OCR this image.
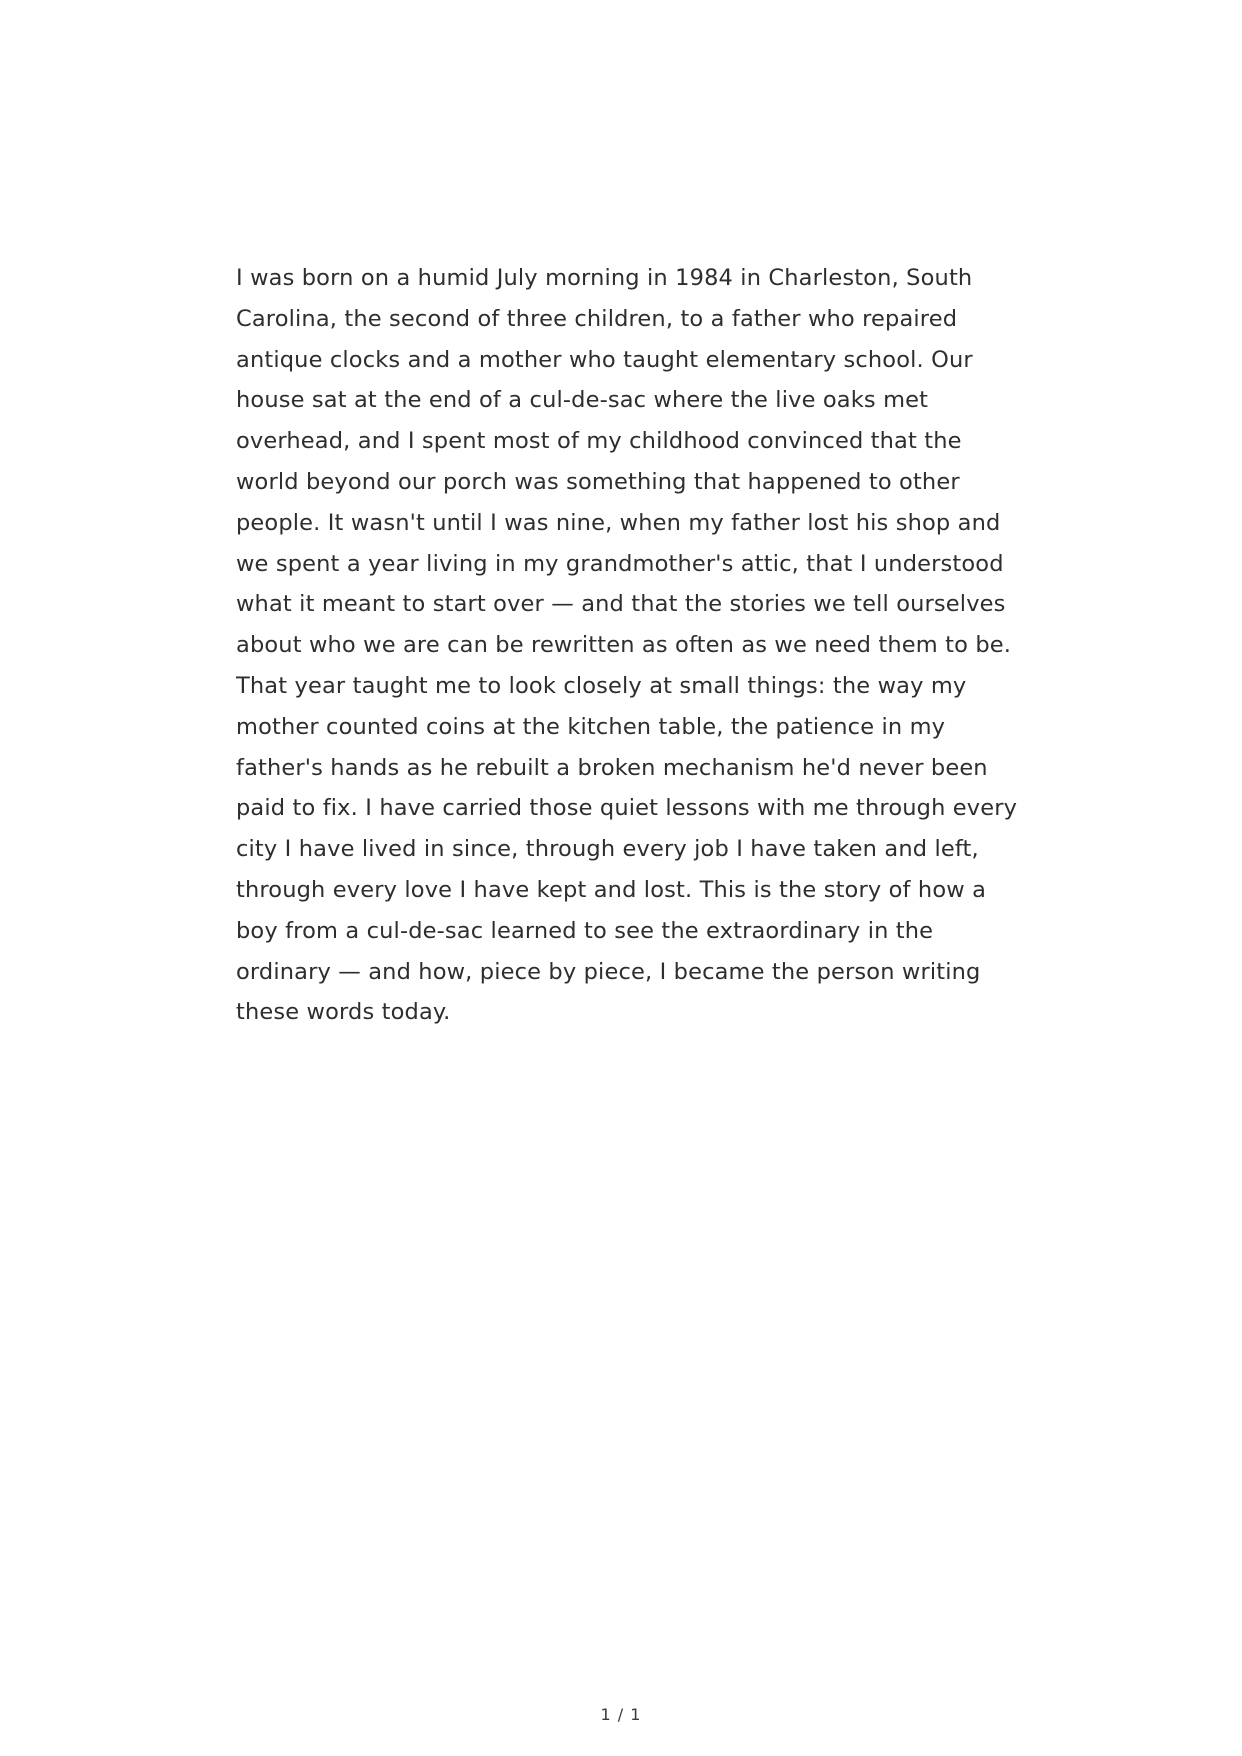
I was born on a humid July morning in 1984 in Charleston, South
Carolina, the second of three children, to a father who repaired
antique clocks and a mother who taught elementary school. Our
house sat at the end of a cul-de-sac where the live oaks met
overhead, and I spent most of my childhood convinced that the
world beyond our porch was something that happened to other
people. It wasn't until I was nine, when my father lost his shop and
we spent a year living in my grandmother's attic, that I understood
what it meant to start over — and that the stories we tell ourselves
about who we are can be rewritten as often as we need them to be.
That year taught me to look closely at small things: the way my
mother counted coins at the kitchen table, the patience in my
father's hands as he rebuilt a broken mechanism he'd never been
paid to fix. I have carried those quiet lessons with me through every
city I have lived in since, through every job I have taken and left,
through every love I have kept and lost. This is the story of how a
boy from a cul-de-sac learned to see the extraordinary in the
ordinary — and how, piece by piece, I became the person writing
these words today.

1 / 1
